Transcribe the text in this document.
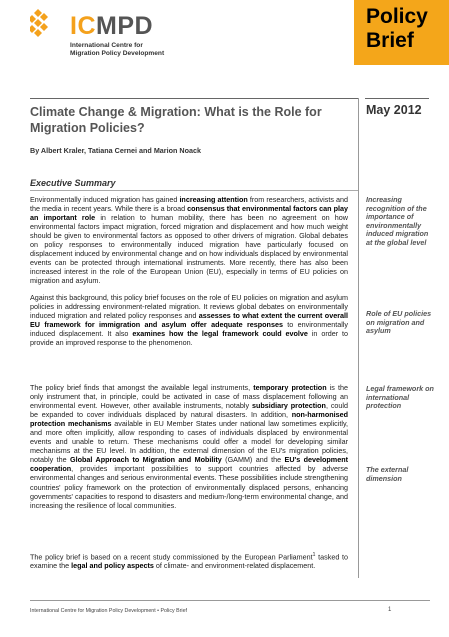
ICMPD
International Centre for
Migration Policy Development
Policy
Brief
Climate Change & Migration: What is the Role for Migration Policies?
May 2012
By Albert Kraler, Tatiana Cernei and Marion Noack
Executive Summary
Environmentally induced migration has gained increasing attention from researchers, activists and the media in recent years. While there is a broad consensus that environmental factors can play an important role in relation to human mobility, there has been no agreement on how environmental factors impact migration, forced migration and displacement and how much weight should be given to environmental factors as opposed to other drivers of migration. Global debates on policy responses to environmentally induced migration have particularly focused on displacement induced by environmental change and on how individuals displaced by environmental events can be protected through international instruments. More recently, there has also been increased interest in the role of the European Union (EU), especially in terms of EU policies on migration and asylum.
Against this background, this policy brief focuses on the role of EU policies on migration and asylum policies in addressing environment-related migration. It reviews global debates on environmentally induced migration and related policy responses and assesses to what extent the current overall EU framework for immigration and asylum offer adequate responses to environmentally induced displacement. It also examines how the legal framework could evolve in order to provide an improved response to the phenomenon.
The policy brief finds that amongst the available legal instruments, temporary protection is the only instrument that, in principle, could be activated in case of mass displacement following an environmental event. However, other available instruments, notably subsidiary protection, could be expanded to cover individuals displaced by natural disasters. In addition, non-harmonised protection mechanisms available in EU Member States under national law sometimes explicitly, and more often implicitly, allow responding to cases of individuals displaced by environmental events and unable to return. These mechanisms could offer a model for developing similar mechanisms at the EU level. In addition, the external dimension of the EU's migration policies, notably the Global Approach to Migration and Mobility (GAMM) and the EU's development cooperation, provides important possibilities to support countries affected by adverse environmental changes and serious environmental events. These possibilities include strengthening countries' policy framework on the protection of environmentally displaced persons, enhancing governments' capacities to respond to disasters and medium-/long-term environmental change, and increasing the resilience of local communities.
The policy brief is based on a recent study commissioned by the European Parliament$^1$ tasked to examine the legal and policy aspects of climate- and environment-related displacement.
Increasing recognition of the importance of environmentally induced migration at the global level
Role of EU policies on migration and asylum
Legal framework on international protection
The external dimension
International Centre for Migration Policy Development • Policy Brief	1
